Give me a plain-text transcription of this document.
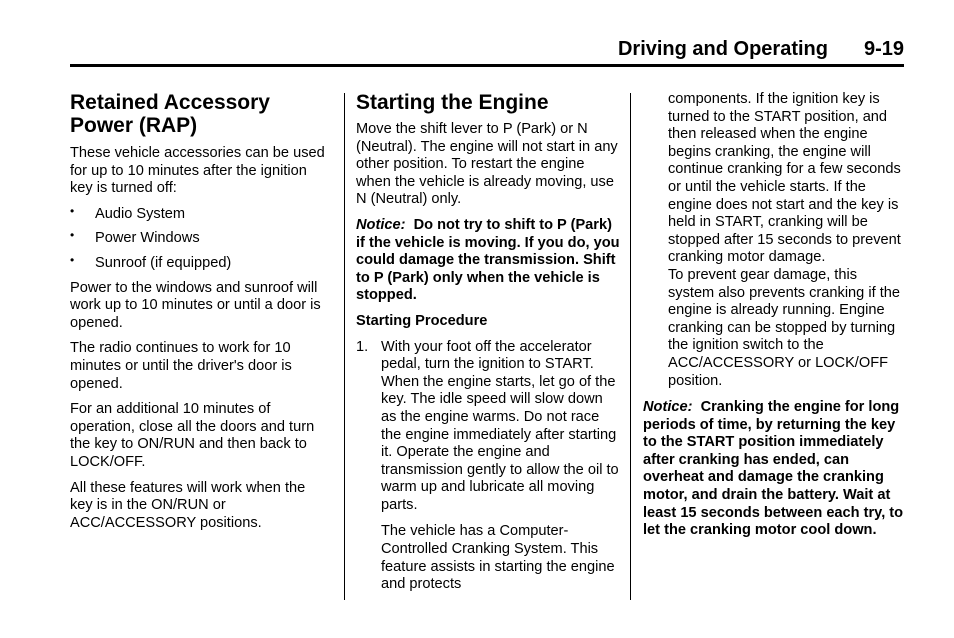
Driving and Operating 9-19
Retained Accessory Power (RAP)

These vehicle accessories can be used for up to 10 minutes after the ignition key is turned off:

• Audio System
• Power Windows
• Sunroof (if equipped)

Power to the windows and sunroof will work up to 10 minutes or until a door is opened.

The radio continues to work for 10 minutes or until the driver's door is opened.

For an additional 10 minutes of operation, close all the doors and turn the key to ON/RUN and then back to LOCK/OFF.

All these features will work when the key is in the ON/RUN or ACC/ACCESSORY positions.

Starting the Engine

Move the shift lever to P (Park) or N (Neutral). The engine will not start in any other position. To restart the engine when the vehicle is already moving, use N (Neutral) only.

Notice: Do not try to shift to P (Park) if the vehicle is moving. If you do, you could damage the transmission. Shift to P (Park) only when the vehicle is stopped.

Starting Procedure

1. With your foot off the accelerator pedal, turn the ignition to START. When the engine starts, let go of the key. The idle speed will slow down as the engine warms. Do not race the engine immediately after starting it. Operate the engine and transmission gently to allow the oil to warm up and lubricate all moving parts.

The vehicle has a Computer-Controlled Cranking System. This feature assists in starting the engine and protects

components. If the ignition key is turned to the START position, and then released when the engine begins cranking, the engine will continue cranking for a few seconds or until the vehicle starts. If the engine does not start and the key is held in START, cranking will be stopped after 15 seconds to prevent cranking motor damage.

To prevent gear damage, this system also prevents cranking if the engine is already running. Engine cranking can be stopped by turning the ignition switch to the ACC/ACCESSORY or LOCK/OFF position.

Notice: Cranking the engine for long periods of time, by returning the key to the START position immediately after cranking has ended, can overheat and damage the cranking motor, and drain the battery. Wait at least 15 seconds between each try, to let the cranking motor cool down.
